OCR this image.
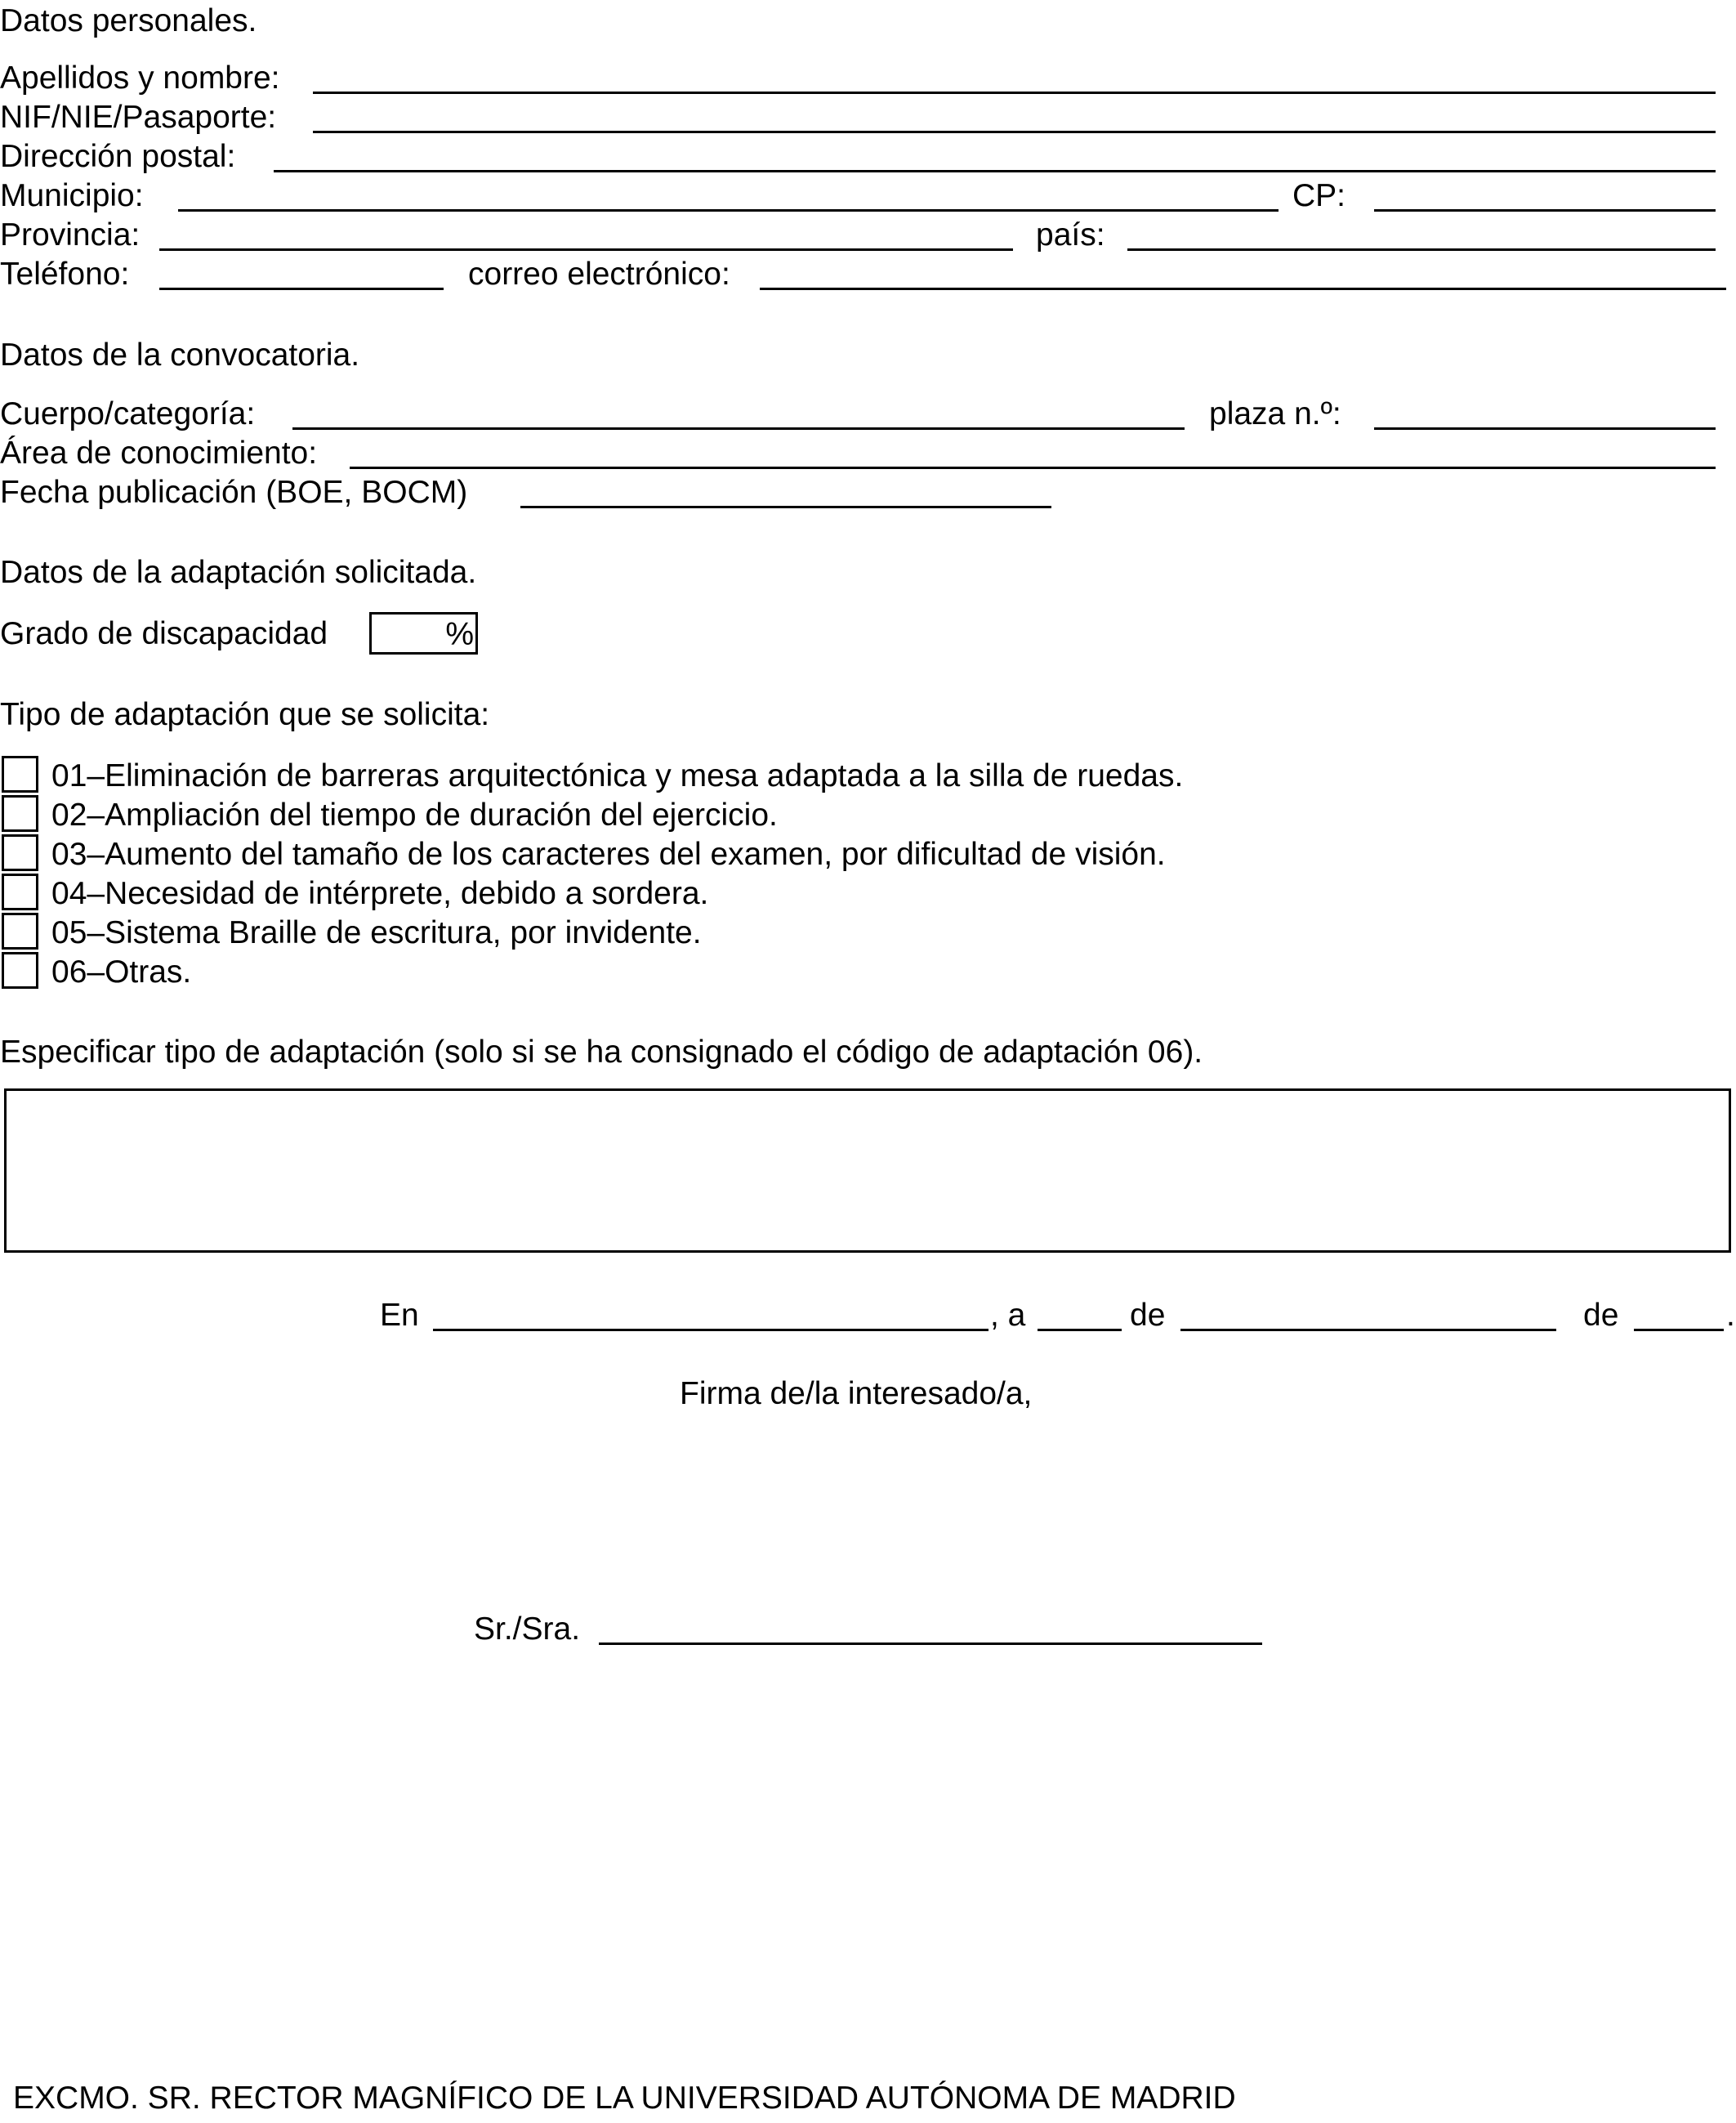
Datos personales.
Apellidos y nombre:
NIF/NIE/Pasaporte:
Dirección postal:
Municipio:	CP:
Provincia:	país:
Teléfono:	correo electrónico:
Datos de la convocatoria.
Cuerpo/categoría:	plaza n.º:
Área de conocimiento:
Fecha publicación (BOE, BOCM)
Datos de la adaptación solicitada.
Grado de discapacidad	%
Tipo de adaptación que se solicita:
01–Eliminación de barreras arquitectónica y mesa adaptada a la silla de ruedas.
02–Ampliación del tiempo de duración del ejercicio.
03–Aumento del tamaño de los caracteres del examen, por dificultad de visión.
04–Necesidad de intérprete, debido a sordera.
05–Sistema Braille de escritura, por invidente.
06–Otras.
Especificar tipo de adaptación (solo si se ha consignado el código de adaptación 06).
En	, a	de	de	.
Firma de/la interesado/a,
Sr./Sra.
EXCMO. SR. RECTOR MAGNÍFICO DE LA UNIVERSIDAD AUTÓNOMA DE MADRID
